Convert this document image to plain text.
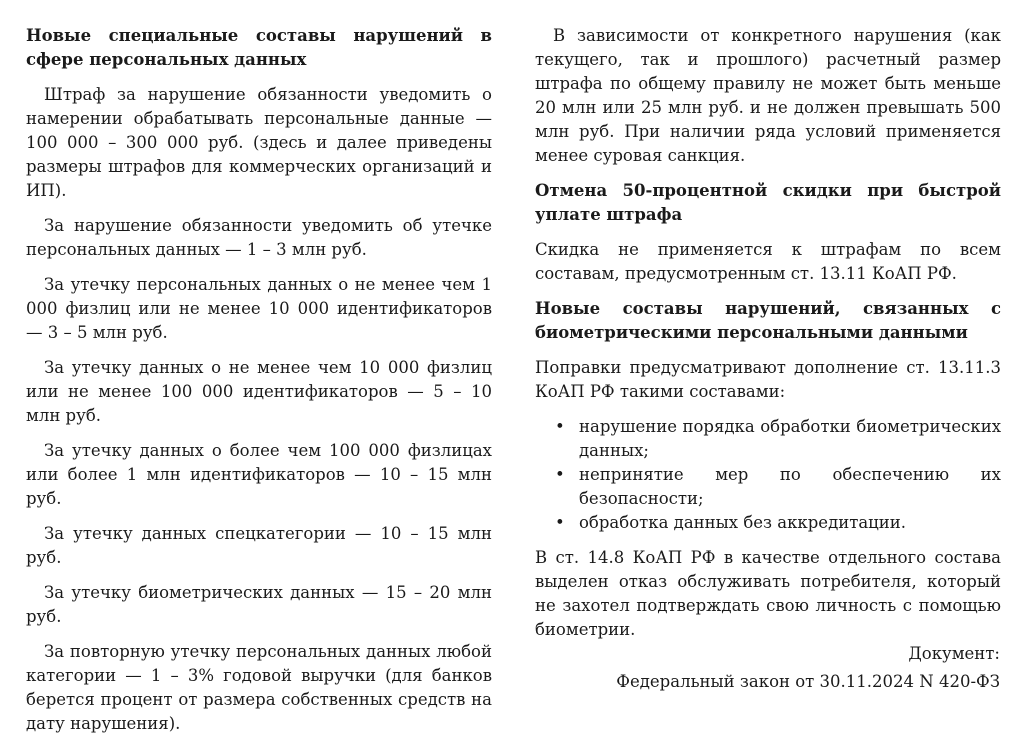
Новые специальные составы нарушений в сфере персональных данных
Штраф за нарушение обязанности уведомить о намерении обрабатывать персональные данные — 100 000 – 300 000 руб. (здесь и далее приведены размеры штрафов для коммерческих организаций и ИП).
За нарушение обязанности уведомить об утечке персональных данных — 1 – 3 млн руб.
За утечку персональных данных о не менее чем 1 000 физлиц или не менее 10 000 идентификаторов — 3 – 5 млн руб.
За утечку данных о не менее чем 10 000 физлиц или не менее 100 000 идентификаторов — 5 – 10 млн руб.
За утечку данных о более чем 100 000 физлицах или более 1 млн идентификаторов — 10 – 15 млн руб.
За утечку данных спецкатегории — 10 – 15 млн руб.
За утечку биометрических данных — 15 – 20 млн руб.
За повторную утечку персональных данных любой категории — 1 – 3% годовой выручки (для банков берется процент от размера собственных средств на дату нарушения).
В зависимости от конкретного нарушения (как текущего, так и прошлого) расчетный размер штрафа по общему правилу не может быть меньше 20 млн или 25 млн руб. и не должен превышать 500 млн руб. При наличии ряда условий применяется менее суровая санкция.
Отмена 50-процентной скидки при быстрой уплате штрафа
Скидка не применяется к штрафам по всем составам, предусмотренным ст. 13.11 КоАП РФ.
Новые составы нарушений, связанных с биометрическими персональными данными
Поправки предусматривают дополнение ст. 13.11.3 КоАП РФ такими составами:
• нарушение порядка обработки биометрических данных;
• непринятие мер по обеспечению их безопасности;
• обработка данных без аккредитации.
В ст. 14.8 КоАП РФ в качестве отдельного состава выделен отказ обслуживать потребителя, который не захотел подтверждать свою личность с помощью биометрии.
Документ:
Федеральный закон от 30.11.2024 N 420-ФЗ
